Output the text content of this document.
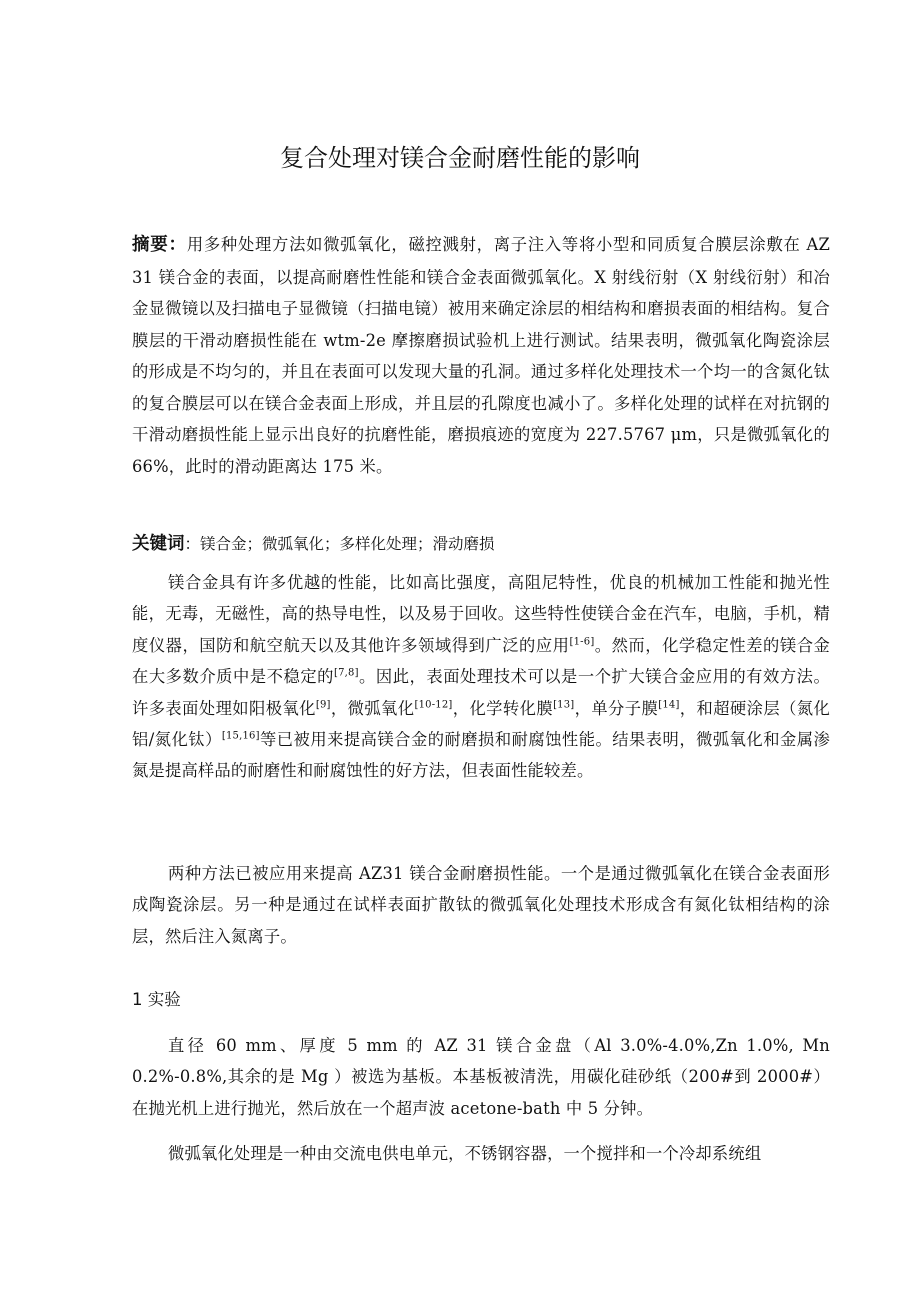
复合处理对镁合金耐磨性能的影响
摘要：用多种处理方法如微弧氧化，磁控溅射，离子注入等将小型和同质复合膜层涂敷在 AZ 31 镁合金的表面，以提高耐磨性性能和镁合金表面微弧氧化。X 射线衍射（X 射线衍射）和冶金显微镜以及扫描电子显微镜（扫描电镜）被用来确定涂层的相结构和磨损表面的相结构。复合膜层的干滑动磨损性能在 wtm-2e 摩擦磨损试验机上进行测试。结果表明，微弧氧化陶瓷涂层的形成是不均匀的，并且在表面可以发现大量的孔洞。通过多样化处理技术一个均一的含氮化钛的复合膜层可以在镁合金表面上形成，并且层的孔隙度也减小了。多样化处理的试样在对抗钢的干滑动磨损性能上显示出良好的抗磨性能，磨损痕迹的宽度为 227.5767 μm，只是微弧氧化的 66%，此时的滑动距离达 175 米。
关键词：镁合金；微弧氧化；多样化处理；滑动磨损
镁合金具有许多优越的性能，比如高比强度，高阻尼特性，优良的机械加工性能和抛光性能，无毒，无磁性，高的热导电性，以及易于回收。这些特性使镁合金在汽车，电脑，手机，精度仪器，国防和航空航天以及其他许多领域得到广泛的应用[1-6]。然而，化学稳定性差的镁合金在大多数介质中是不稳定的[7,8]。因此，表面处理技术可以是一个扩大镁合金应用的有效方法。许多表面处理如阳极氧化[9]，微弧氧化[10-12]，化学转化膜[13]，单分子膜[14]，和超硬涂层（氮化铝/氮化钛）[15,16]等已被用来提高镁合金的耐磨损和耐腐蚀性能。结果表明，微弧氧化和金属渗氮是提高样品的耐磨性和耐腐蚀性的好方法，但表面性能较差。
两种方法已被应用来提高 AZ31 镁合金耐磨损性能。一个是通过微弧氧化在镁合金表面形成陶瓷涂层。另一种是通过在试样表面扩散钛的微弧氧化处理技术形成含有氮化钛相结构的涂层，然后注入氮离子。
1 实验
直径 60 mm、厚度 5 mm 的 AZ 31 镁合金盘（Al 3.0%-4.0%,Zn 1.0%, Mn 0.2%-0.8%,其余的是 Mg ）被选为基板。本基板被清洗，用碳化硅砂纸（200#到 2000#）在抛光机上进行抛光，然后放在一个超声波 acetone-bath 中 5 分钟。
微弧氧化处理是一种由交流电供电单元，不锈钢容器，一个搅拌和一个冷却系统组
